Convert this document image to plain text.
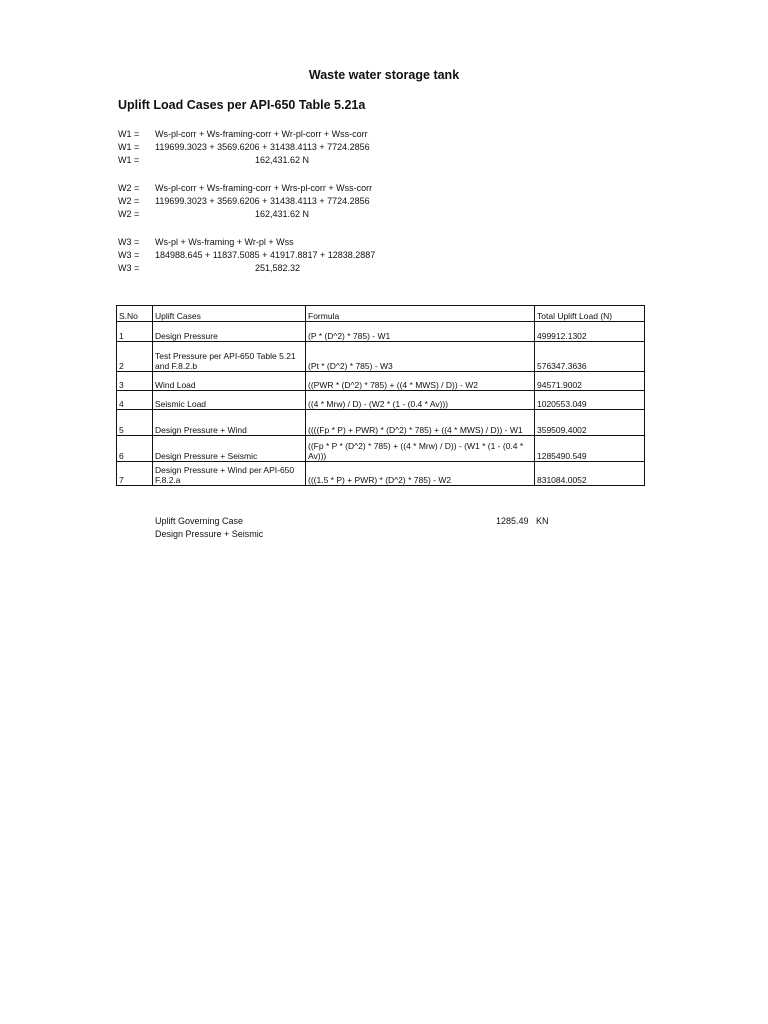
Waste water storage tank
Uplift Load Cases per API-650 Table 5.21a
W1 = Ws-pl-corr + Ws-framing-corr + Wr-pl-corr + Wss-corr
W1 = 119699.3023 + 3569.6206 + 31438.4113 + 7724.2856
W1 =	162,431.62 N
W2 = Ws-pl-corr + Ws-framing-corr + Wrs-pl-corr + Wss-corr
W2 = 119699.3023 + 3569.6206 + 31438.4113 + 7724.2856
W2 =	162,431.62 N
W3 = Ws-pl + Ws-framing + Wr-pl + Wss
W3 = 184988.645 + 11837.5085 + 41917.8817 + 12838.2887
W3 =	251,582.32
S.No	Uplift Cases	Formula	Total Uplift Load (N)
1	Design Pressure	(P * (D^2) * 785) - W1	499912.1302
2	Test Pressure per API-650 Table 5.21 and F.8.2.b	(Pt * (D^2) * 785) - W3	576347.3636
3	Wind Load	((PWR * (D^2) * 785) + ((4 * MWS) / D)) - W2	94571.9002
4	Seismic Load	((4 * Mrw) / D) - (W2 * (1 - (0.4 * Av)))	1020553.049
5	Design Pressure + Wind	((((Fp * P) + PWR) * (D^2) * 785) + ((4 * MWS) / D)) - W1	359509.4002
6	Design Pressure + Seismic	((Fp * P * (D^2) * 785) + ((4 * Mrw) / D)) - (W1 * (1 - (0.4 * Av)))	1285490.549
7	Design Pressure + Wind per API-650 F.8.2.a	(((1.5 * P) + PWR) * (D^2) * 785) - W2	831084.0052
Uplift Governing Case	1285.49 KN
Design Pressure + Seismic
